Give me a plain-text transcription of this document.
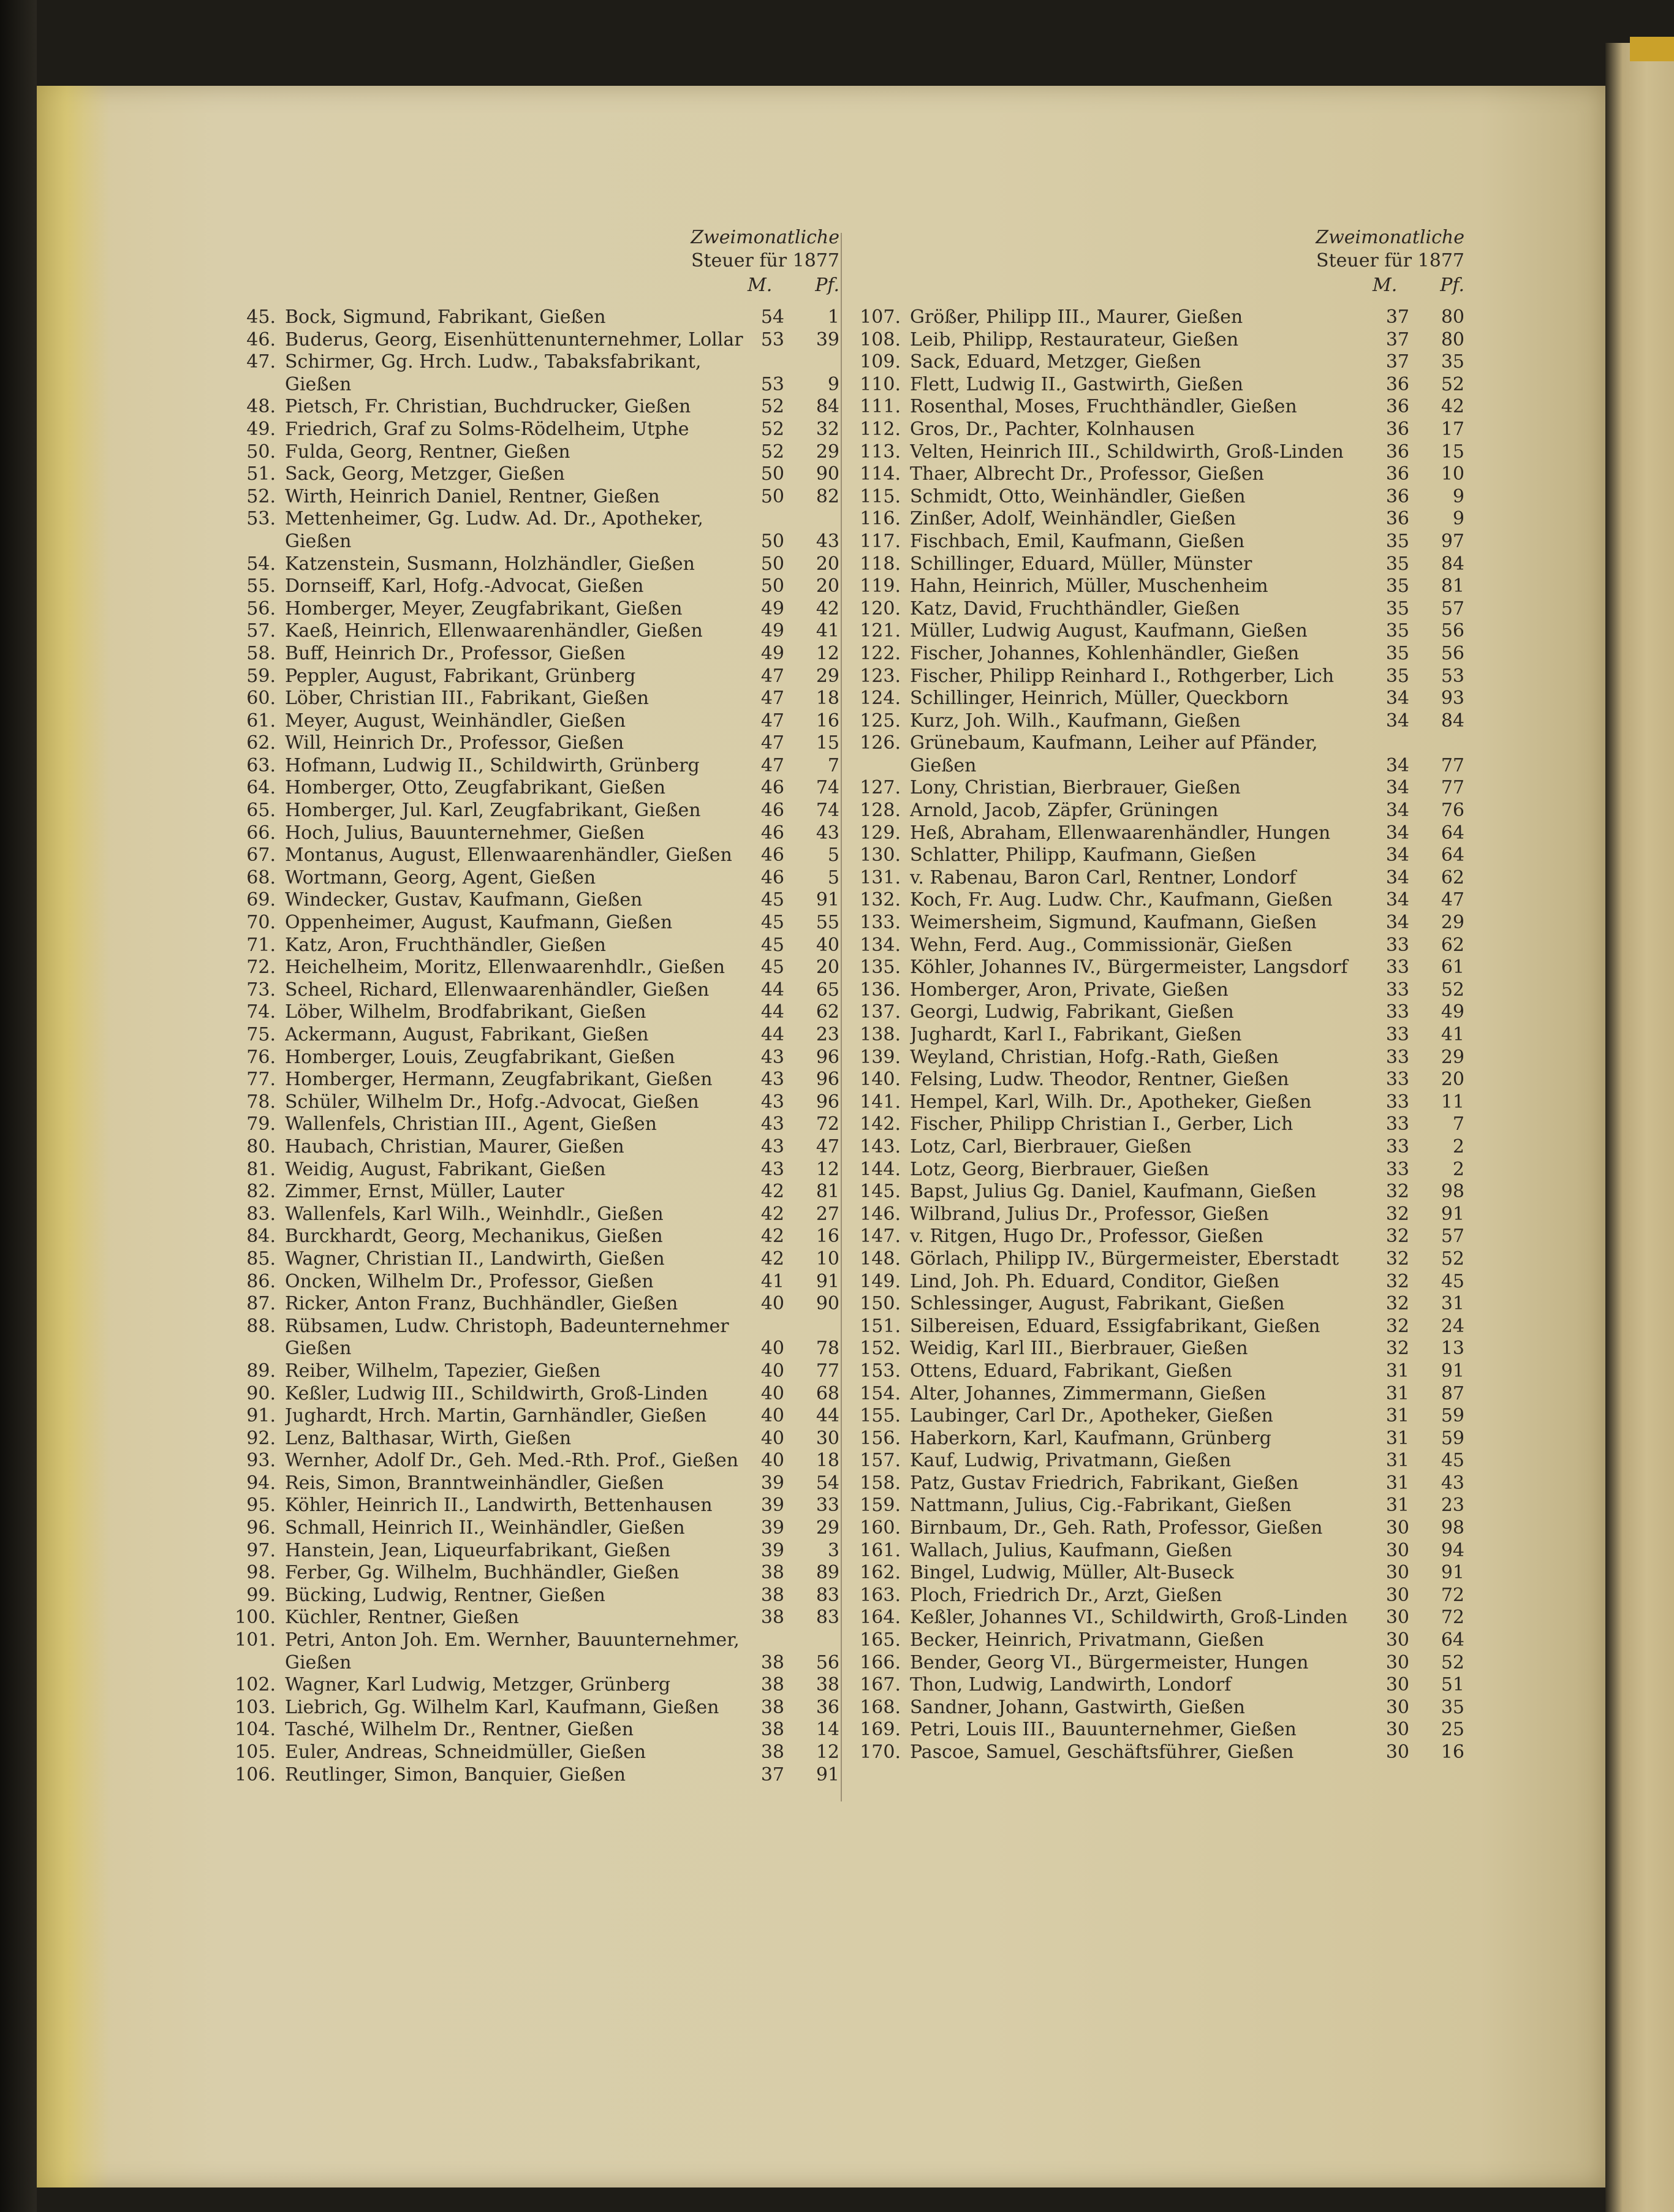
Zweimonatliche
Steuer für 1877
M. Pf.
45. Bock, Sigmund, Fabrikant, Gießen	54	1
46. Buderus, Georg, Eisenhüttenunternehmer, Lollar 53	39
47. Schirmer, Gg. Hrch. Ludw., Tabaksfabrikant, Gießen	53	9
48. Pietsch, Fr. Christian, Buchdrucker, Gießen	52	84
49. Friedrich, Graf zu Solms-Rödelheim, Utphe	52	32
50. Fulda, Georg, Rentner, Gießen	52	29
51. Sack, Georg, Metzger, Gießen	50	90
52. Wirth, Heinrich Daniel, Rentner, Gießen	50	82
53. Mettenheimer, Gg. Ludw. Ad. Dr., Apotheker, Gießen	50	43
54. Katzenstein, Susmann, Holzhändler, Gießen	50	20
55. Dornseiff, Karl, Hofg.-Advocat, Gießen	50	20
56. Homberger, Meyer, Zeugfabrikant, Gießen	49	42
57. Kaeß, Heinrich, Ellenwaarenhändler, Gießen	49	41
58. Buff, Heinrich Dr., Professor, Gießen	49	12
59. Peppler, August, Fabrikant, Grünberg	47	29
60. Löber, Christian III., Fabrikant, Gießen	47	18
61. Meyer, August, Weinhändler, Gießen	47	16
62. Will, Heinrich Dr., Professor, Gießen	47	15
63. Hofmann, Ludwig II., Schildwirth, Grünberg	47	7
64. Homberger, Otto, Zeugfabrikant, Gießen	46	74
65. Homberger, Jul. Karl, Zeugfabrikant, Gießen	46	74
66. Hoch, Julius, Bauunternehmer, Gießen	46	43
67. Montanus, August, Ellenwaarenhändler, Gießen	46	5
68. Wortmann, Georg, Agent, Gießen	46	5
69. Windecker, Gustav, Kaufmann, Gießen	45	91
70. Oppenheimer, August, Kaufmann, Gießen	45	55
71. Katz, Aron, Fruchthändler, Gießen	45	40
72. Heichelheim, Moritz, Ellenwaarenhdlr., Gießen	45	20
73. Scheel, Richard, Ellenwaarenhändler, Gießen	44	65
74. Löber, Wilhelm, Brodfabrikant, Gießen	44	62
75. Ackermann, August, Fabrikant, Gießen	44	23
76. Homberger, Louis, Zeugfabrikant, Gießen	43	96
77. Homberger, Hermann, Zeugfabrikant, Gießen	43	96
78. Schüler, Wilhelm Dr., Hofg.-Advocat, Gießen	43	96
79. Wallenfels, Christian III., Agent, Gießen	43	72
80. Haubach, Christian, Maurer, Gießen	43	47
81. Weidig, August, Fabrikant, Gießen	43	12
82. Zimmer, Ernst, Müller, Lauter	42	81
83. Wallenfels, Karl Wilh., Weinhdlr., Gießen	42	27
84. Burckhardt, Georg, Mechanikus, Gießen	42	16
85. Wagner, Christian II., Landwirth, Gießen	42	10
86. Oncken, Wilhelm Dr., Professor, Gießen	41	91
87. Ricker, Anton Franz, Buchhändler, Gießen	40	90
88. Rübsamen, Ludw. Christoph, Badeunternehmer Gießen	40	78
89. Reiber, Wilhelm, Tapezier, Gießen	40	77
90. Keßler, Ludwig III., Schildwirth, Groß-Linden	40	68
91. Jughardt, Hrch. Martin, Garnhändler, Gießen	40	44
92. Lenz, Balthasar, Wirth, Gießen	40	30
93. Wernher, Adolf Dr., Geh. Med.-Rth. Prof., Gießen	40	18
94. Reis, Simon, Branntweinhändler, Gießen	39	54
95. Köhler, Heinrich II., Landwirth, Bettenhausen	39	33
96. Schmall, Heinrich II., Weinhändler, Gießen	39	29
97. Hanstein, Jean, Liqueurfabrikant, Gießen	39	3
98. Ferber, Gg. Wilhelm, Buchhändler, Gießen	38	89
99. Bücking, Ludwig, Rentner, Gießen	38	83
100. Küchler, Rentner, Gießen	38	83
101. Petri, Anton Joh. Em. Wernher, Bauunternehmer, Gießen	38	56
102. Wagner, Karl Ludwig, Metzger, Grünberg	38	38
103. Liebrich, Gg. Wilhelm Karl, Kaufmann, Gießen	38	36
104. Tasché, Wilhelm Dr., Rentner, Gießen	38	14
105. Euler, Andreas, Schneidmüller, Gießen	38	12
106. Reutlinger, Simon, Banquier, Gießen	37	91
Zweimonatliche
Steuer für 1877
M. Pf.
107. Größer, Philipp III., Maurer, Gießen	37	80
108. Leib, Philipp, Restaurateur, Gießen	37	80
109. Sack, Eduard, Metzger, Gießen	37	35
110. Flett, Ludwig II., Gastwirth, Gießen	36	52
111. Rosenthal, Moses, Fruchthändler, Gießen	36	42
112. Gros, Dr., Pachter, Kolnhausen	36	17
113. Velten, Heinrich III., Schildwirth, Groß-Linden	36	15
114. Thaer, Albrecht Dr., Professor, Gießen	36	10
115. Schmidt, Otto, Weinhändler, Gießen	36	9
116. Zinßer, Adolf, Weinhändler, Gießen	36	9
117. Fischbach, Emil, Kaufmann, Gießen	35	97
118. Schillinger, Eduard, Müller, Münster	35	84
119. Hahn, Heinrich, Müller, Muschenheim	35	81
120. Katz, David, Fruchthändler, Gießen	35	57
121. Müller, Ludwig August, Kaufmann, Gießen	35	56
122. Fischer, Johannes, Kohlenhändler, Gießen	35	56
123. Fischer, Philipp Reinhard I., Rothgerber, Lich	35	53
124. Schillinger, Heinrich, Müller, Queckborn	34	93
125. Kurz, Joh. Wilh., Kaufmann, Gießen	34	84
126. Grünebaum, Kaufmann, Leiher auf Pfänder, Gießen	34	77
127. Lony, Christian, Bierbrauer, Gießen	34	77
128. Arnold, Jacob, Zäpfer, Grüningen	34	76
129. Heß, Abraham, Ellenwaarenhändler, Hungen	34	64
130. Schlatter, Philipp, Kaufmann, Gießen	34	64
131. v. Rabenau, Baron Carl, Rentner, Londorf	34	62
132. Koch, Fr. Aug. Ludw. Chr., Kaufmann, Gießen	34	47
133. Weimersheim, Sigmund, Kaufmann, Gießen	34	29
134. Wehn, Ferd. Aug., Commissionär, Gießen	33	62
135. Köhler, Johannes IV., Bürgermeister, Langsdorf	33	61
136. Homberger, Aron, Private, Gießen	33	52
137. Georgi, Ludwig, Fabrikant, Gießen	33	49
138. Jughardt, Karl I., Fabrikant, Gießen	33	41
139. Weyland, Christian, Hofg.-Rath, Gießen	33	29
140. Felsing, Ludw. Theodor, Rentner, Gießen	33	20
141. Hempel, Karl, Wilh. Dr., Apotheker, Gießen	33	11
142. Fischer, Philipp Christian I., Gerber, Lich	33	7
143. Lotz, Carl, Bierbrauer, Gießen	33	2
144. Lotz, Georg, Bierbrauer, Gießen	33	2
145. Bapst, Julius Gg. Daniel, Kaufmann, Gießen	32	98
146. Wilbrand, Julius Dr., Professor, Gießen	32	91
147. v. Ritgen, Hugo Dr., Professor, Gießen	32	57
148. Görlach, Philipp IV., Bürgermeister, Eberstadt	32	52
149. Lind, Joh. Ph. Eduard, Conditor, Gießen	32	45
150. Schlessinger, August, Fabrikant, Gießen	32	31
151. Silbereisen, Eduard, Essigfabrikant, Gießen	32	24
152. Weidig, Karl III., Bierbrauer, Gießen	32	13
153. Ottens, Eduard, Fabrikant, Gießen	31	91
154. Alter, Johannes, Zimmermann, Gießen	31	87
155. Laubinger, Carl Dr., Apotheker, Gießen	31	59
156. Haberkorn, Karl, Kaufmann, Grünberg	31	59
157. Kauf, Ludwig, Privatmann, Gießen	31	45
158. Patz, Gustav Friedrich, Fabrikant, Gießen	31	43
159. Nattmann, Julius, Cig.-Fabrikant, Gießen	31	23
160. Birnbaum, Dr., Geh. Rath, Professor, Gießen	30	98
161. Wallach, Julius, Kaufmann, Gießen	30	94
162. Bingel, Ludwig, Müller, Alt-Buseck	30	91
163. Ploch, Friedrich Dr., Arzt, Gießen	30	72
164. Keßler, Johannes VI., Schildwirth, Groß-Linden	30	72
165. Becker, Heinrich, Privatmann, Gießen	30	64
166. Bender, Georg VI., Bürgermeister, Hungen	30	52
167. Thon, Ludwig, Landwirth, Londorf	30	51
168. Sandner, Johann, Gastwirth, Gießen	30	35
169. Petri, Louis III., Bauunternehmer, Gießen	30	25
170. Pascoe, Samuel, Geschäftsführer, Gießen	30	16
